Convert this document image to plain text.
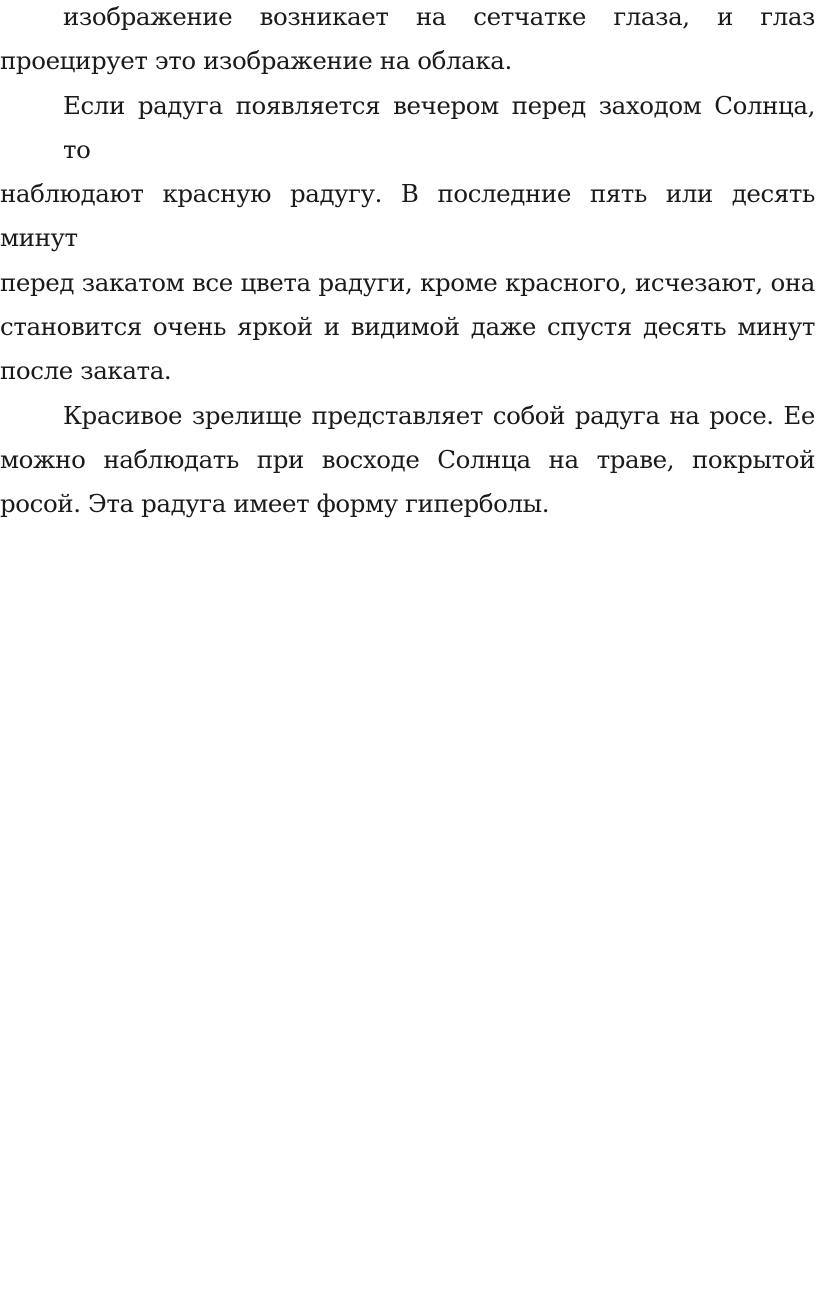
изображение возникает на сетчатке глаза, и глаз
проецирует это изображение на облака.

Если радуга появляется вечером перед заходом Солнца, то
наблюдают красную радугу. В последние пять или десять минут
перед закатом все цвета радуги, кроме красного, исчезают, она
становится очень яркой и видимой даже спустя десять минут
после заката.

Красивое зрелище представляет собой радуга на росе. Ее
можно наблюдать при восходе Солнца на траве, покрытой
росой. Эта радуга имеет форму гиперболы.
